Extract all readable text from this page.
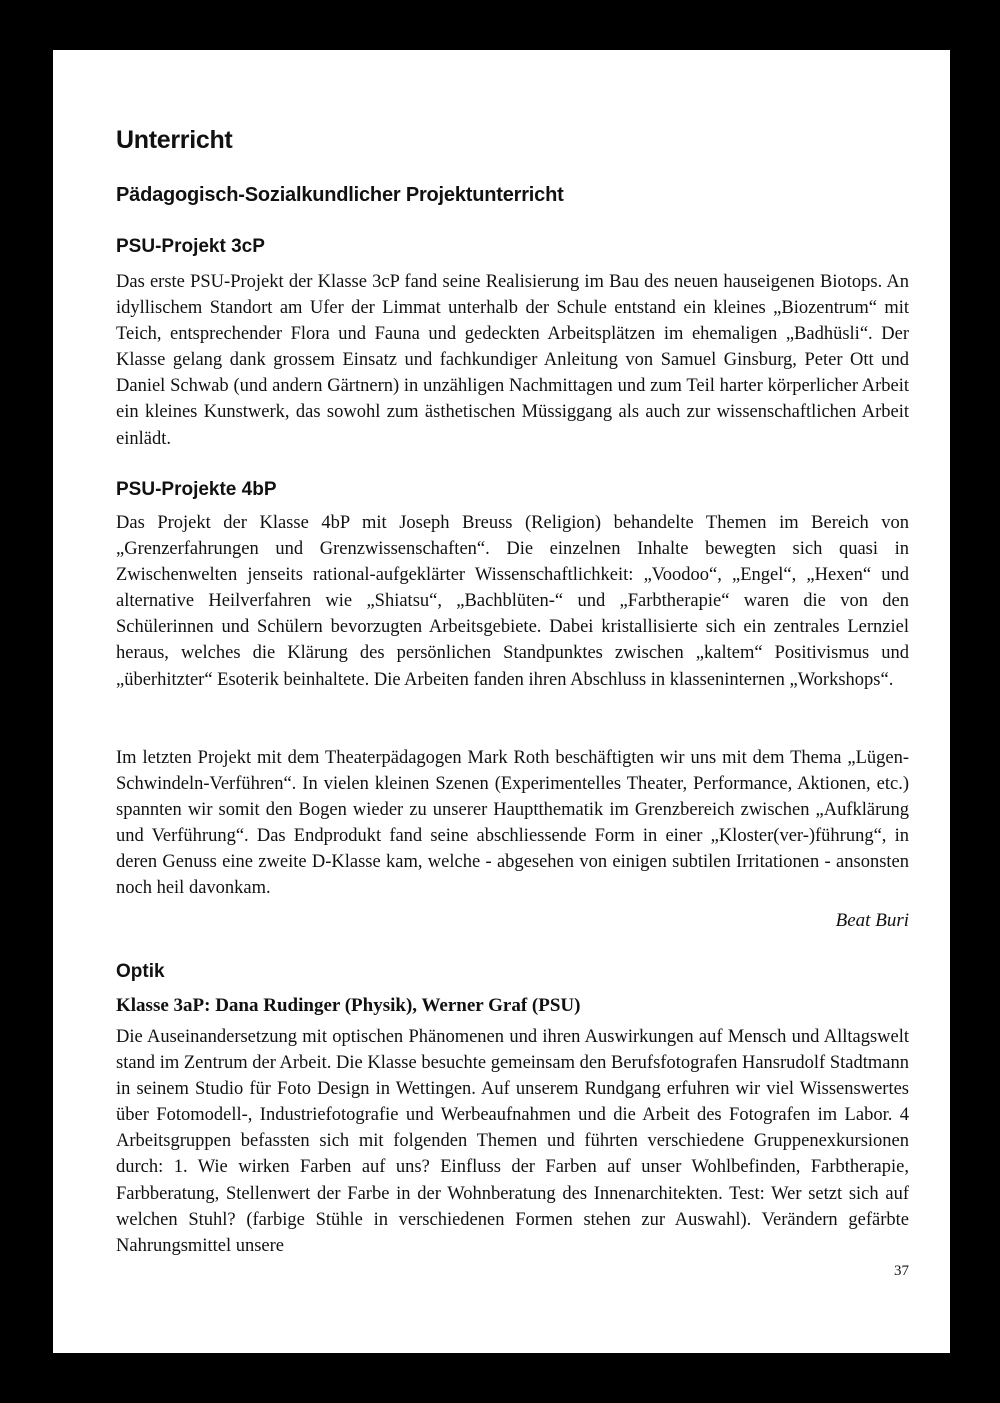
Unterricht
Pädagogisch-Sozialkundlicher Projektunterricht
PSU-Projekt 3cP

Das erste PSU-Projekt der Klasse 3cP fand seine Realisierung im Bau des neuen hauseigenen Biotops. An idyllischem Standort am Ufer der Limmat unterhalb der Schule entstand ein kleines „Biozentrum“ mit Teich, entsprechender Flora und Fauna und gedeckten Arbeitsplätzen im ehemaligen „Badhüsli“. Der Klasse gelang dank grossem Einsatz und fachkundiger Anleitung von Samuel Ginsburg, Peter Ott und Daniel Schwab (und andern Gärtnern) in unzähligen Nachmittagen und zum Teil harter körperlicher Arbeit ein kleines Kunstwerk, das sowohl zum ästhetischen Müssiggang als auch zur wissenschaftlichen Arbeit einlädt.

PSU-Projekte 4bP

Das Projekt der Klasse 4bP mit Joseph Breuss (Religion) behandelte Themen im Bereich von „Grenzerfahrungen und Grenzwissenschaften“. Die einzelnen Inhalte bewegten sich quasi in Zwischenwelten jenseits rational-aufgeklärter Wissenschaftlichkeit: „Voodoo“, „Engel“, „Hexen“ und alternative Heilverfahren wie „Shiatsu“, „Bachblüten-“ und „Farbtherapie“ waren die von den Schülerinnen und Schülern bevorzugten Arbeitsgebiete. Dabei kristallisierte sich ein zentrales Lernziel heraus, welches die Klärung des persönlichen Standpunktes zwischen „kaltem“ Positivismus und „überhitzter“ Esoterik beinhaltete. Die Arbeiten fanden ihren Abschluss in klasseninternen „Workshops“.

Im letzten Projekt mit dem Theaterpädagogen Mark Roth beschäftigten wir uns mit dem Thema „Lügen-Schwindeln-Verführen“. In vielen kleinen Szenen (Experimentelles Theater, Performance, Aktionen, etc.) spannten wir somit den Bogen wieder zu unserer Hauptthematik im Grenzbereich zwischen „Aufklärung und Verführung“. Das Endprodukt fand seine abschliessende Form in einer „Kloster(ver-)führung“, in deren Genuss eine zweite D-Klasse kam, welche - abgesehen von einigen subtilen Irritationen - ansonsten noch heil davonkam.

Beat Buri

Optik
Klasse 3aP: Dana Rudinger (Physik), Werner Graf (PSU)

Die Auseinandersetzung mit optischen Phänomenen und ihren Auswirkungen auf Mensch und Alltagswelt stand im Zentrum der Arbeit. Die Klasse besuchte gemeinsam den Berufsfotografen Hansrudolf Stadtmann in seinem Studio für Foto Design in Wettingen. Auf unserem Rundgang erfuhren wir viel Wissenswertes über Fotomodell-, Industriefotografie und Werbeaufnahmen und die Arbeit des Fotografen im Labor. 4 Arbeitsgruppen befassten sich mit folgenden Themen und führten verschiedene Gruppenexkursionen durch: 1. Wie wirken Farben auf uns? Einfluss der Farben auf unser Wohlbefinden, Farbtherapie, Farbberatung, Stellenwert der Farbe in der Wohnberatung des Innenarchitekten. Test: Wer setzt sich auf welchen Stuhl? (farbige Stühle in verschiedenen Formen stehen zur Auswahl). Verändern gefärbte Nahrungsmittel unsere

37
